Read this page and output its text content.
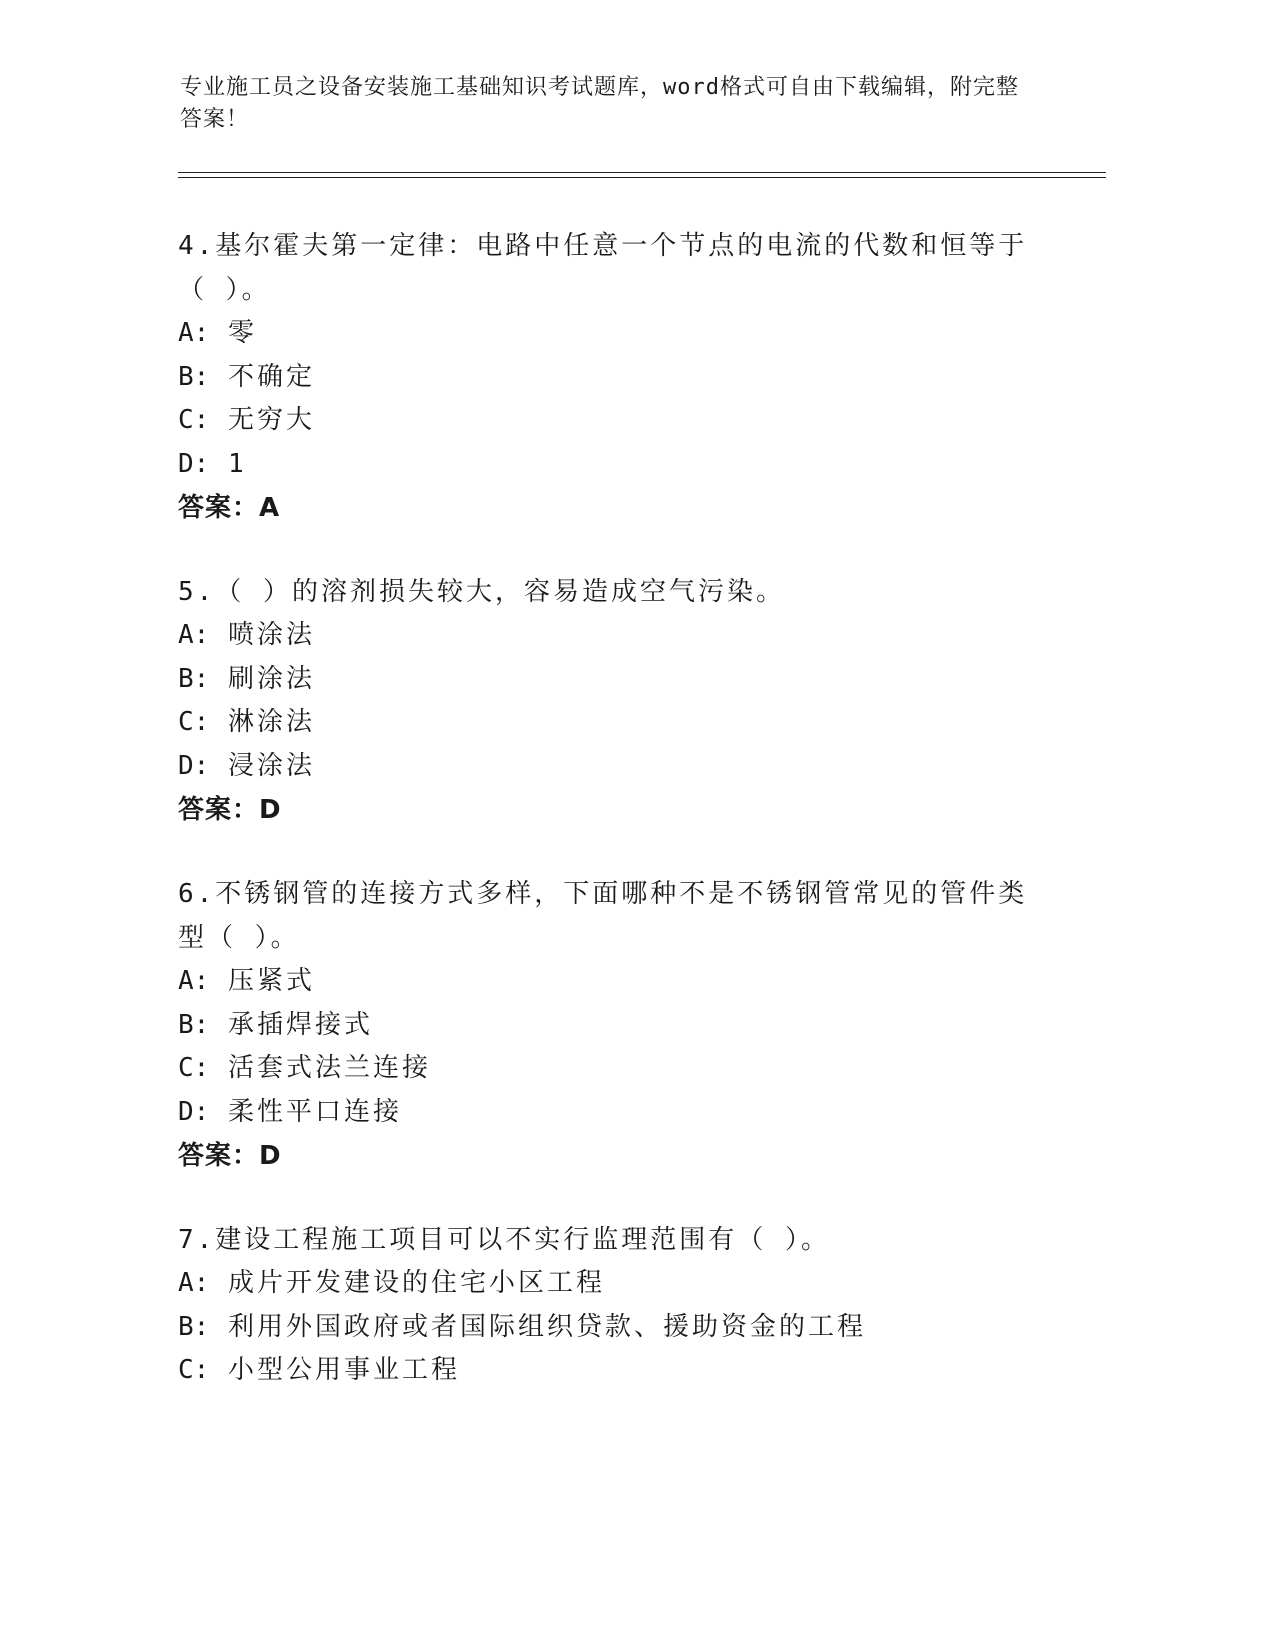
专业施工员之设备安装施工基础知识考试题库，word格式可自由下载编辑，附完整答案！
4.基尔霍夫第一定律：电路中任意一个节点的电流的代数和恒等于（ ）。
A: 零
B: 不确定
C: 无穷大
D: 1
答案：A
5.（ ）的溶剂损失较大，容易造成空气污染。
A: 喷涂法
B: 刷涂法
C: 淋涂法
D: 浸涂法
答案：D
6.不锈钢管的连接方式多样，下面哪种不是不锈钢管常见的管件类型（ ）。
A: 压紧式
B: 承插焊接式
C: 活套式法兰连接
D: 柔性平口连接
答案：D
7.建设工程施工项目可以不实行监理范围有（ ）。
A: 成片开发建设的住宅小区工程
B: 利用外国政府或者国际组织贷款、援助资金的工程
C: 小型公用事业工程
